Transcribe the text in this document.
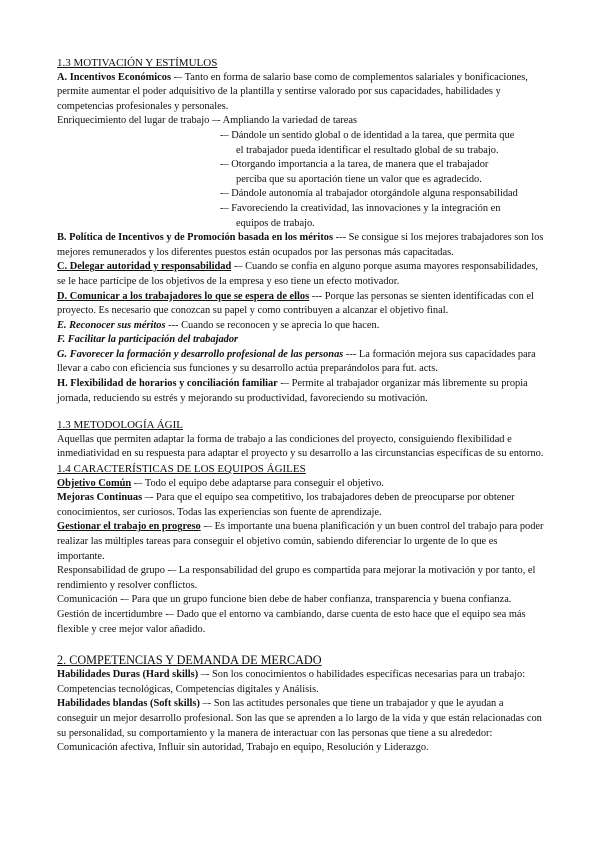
1.3 MOTIVACIÓN Y ESTÍMULOS

A. Incentivos Económicos -– Tanto en forma de salario base como de complementos salariales y bonificaciones, permite aumentar el poder adquisitivo de la plantilla y sentirse valorado por sus capacidades, habilidades y competencias profesionales y personales.

Enriquecimiento del lugar de trabajo –- Ampliando la variedad de tareas

-– Dándole un sentido global o de identidad a la tarea, que permita que

el trabajador pueda identificar el resultado global de su trabajo.

-– Otorgando importancia a la tarea, de manera que el trabajador

perciba que su aportación tiene un valor que es agradecido.

-– Dándole autonomía al trabajador otorgándole alguna responsabilidad

-– Favoreciendo la creatividad, las innovaciones y la integración en

equipos de trabajo.

B. Política de Incentivos y de Promoción basada en los méritos --- Se consigue si los mejores trabajadores son los mejores remunerados y los diferentes puestos están ocupados por las personas más capacitadas.

C. Delegar autoridad y responsabilidad -– Cuando se confía en alguno porque asuma mayores responsabilidades, se le hace partícipe de los objetivos de la empresa y eso tiene un efecto motivador.

D. Comunicar a los trabajadores lo que se espera de ellos --- Porque las personas se sienten identificadas con el proyecto. Es necesario que conozcan su papel y como contribuyen a alcanzar el objetivo final.

E. Reconocer sus méritos --- Cuando se reconocen y se aprecia lo que hacen.

F. Facilitar la participación del trabajador

G. Favorecer la formación y desarrollo profesional de las personas --- La formación mejora sus capacidades para llevar a cabo con eficiencia sus funciones y su desarrollo actúa preparándolos para fut. acts.

H. Flexibilidad de horarios y conciliación familiar -– Permite al trabajador organizar más libremente su propia jornada, reduciendo su estrés y mejorando su productividad, favoreciendo su motivación.

1.3 METODOLOGÍA ÁGIL

Aquellas que permiten adaptar la forma de trabajo a las condiciones del proyecto, consiguiendo flexibilidad e inmediatividad en su respuesta para adaptar el proyecto y su desarrollo a las circunstancias específicas de su entorno.

1.4 CARACTERÍSTICAS DE LOS EQUIPOS ÁGILES

Objetivo Común -– Todo el equipo debe adaptarse para conseguir el objetivo.

Mejoras Continuas –- Para que el equipo sea competitivo, los trabajadores deben de preocuparse por obtener conocimientos, ser curiosos. Todas las experiencias son fuente de aprendizaje.

Gestionar el trabajo en progreso -– Es importante una buena planificación y un buen control del trabajo para poder realizar las múltiples tareas para conseguir el objetivo común, sabiendo diferenciar lo urgente de lo que es importante.

Responsabilidad de grupo -– La responsabilidad del grupo es compartida para mejorar la motivación y por tanto, el rendimiento y resolver conflictos.

Comunicación -– Para que un grupo funcione bien debe de haber confianza, transparencia y buena confianza.

Gestión de incertidumbre -– Dado que el entorno va cambiando, darse cuenta de esto hace que el equipo sea más flexible y cree mejor valor añadido.

2. COMPETENCIAS Y DEMANDA DE MERCADO

Habilidades Duras (Hard skills) –- Son los conocimientos o habilidades específicas necesarias para un trabajo: Competencias tecnológicas, Competencias digitales y Análisis.

Habilidades blandas (Soft skills) –- Son las actitudes personales que tiene un trabajador y que le ayudan a conseguir un mejor desarrollo profesional. Son las que se aprenden a lo largo de la vida y que están relacionadas con su personalidad, su comportamiento y la manera de interactuar con las personas que tiene a su alrededor: Comunicación afectiva, Influir sin autoridad, Trabajo en equipo, Resolución y Liderazgo.
